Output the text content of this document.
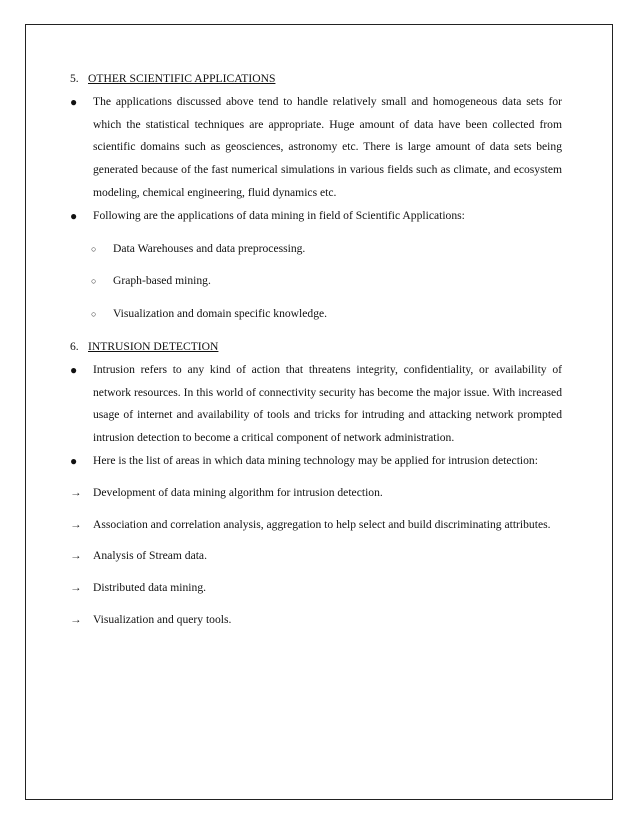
5. OTHER SCIENTIFIC APPLICATIONS
●	The applications discussed above tend to handle relatively small and homogeneous data sets for which the statistical techniques are appropriate. Huge amount of data have been collected from scientific domains such as geosciences, astronomy etc. There is large amount of data sets being generated because of the fast numerical simulations in various fields such as climate, and ecosystem modeling, chemical engineering, fluid dynamics etc.
●	Following are the applications of data mining in field of Scientific Applications:
○	Data Warehouses and data preprocessing.
○	Graph-based mining.
○	Visualization and domain specific knowledge.
6. INTRUSION DETECTION
●	Intrusion refers to any kind of action that threatens integrity, confidentiality, or availability of network resources. In this world of connectivity security has become the major issue. With increased usage of internet and availability of tools and tricks for intruding and attacking network prompted intrusion detection to become a critical component of network administration.
●	Here is the list of areas in which data mining technology may be applied for intrusion detection:
→ Development of data mining algorithm for intrusion detection.
→ Association and correlation analysis, aggregation to help select and build discriminating attributes.
→ Analysis of Stream data.
→ Distributed data mining.
→ Visualization and query tools.
